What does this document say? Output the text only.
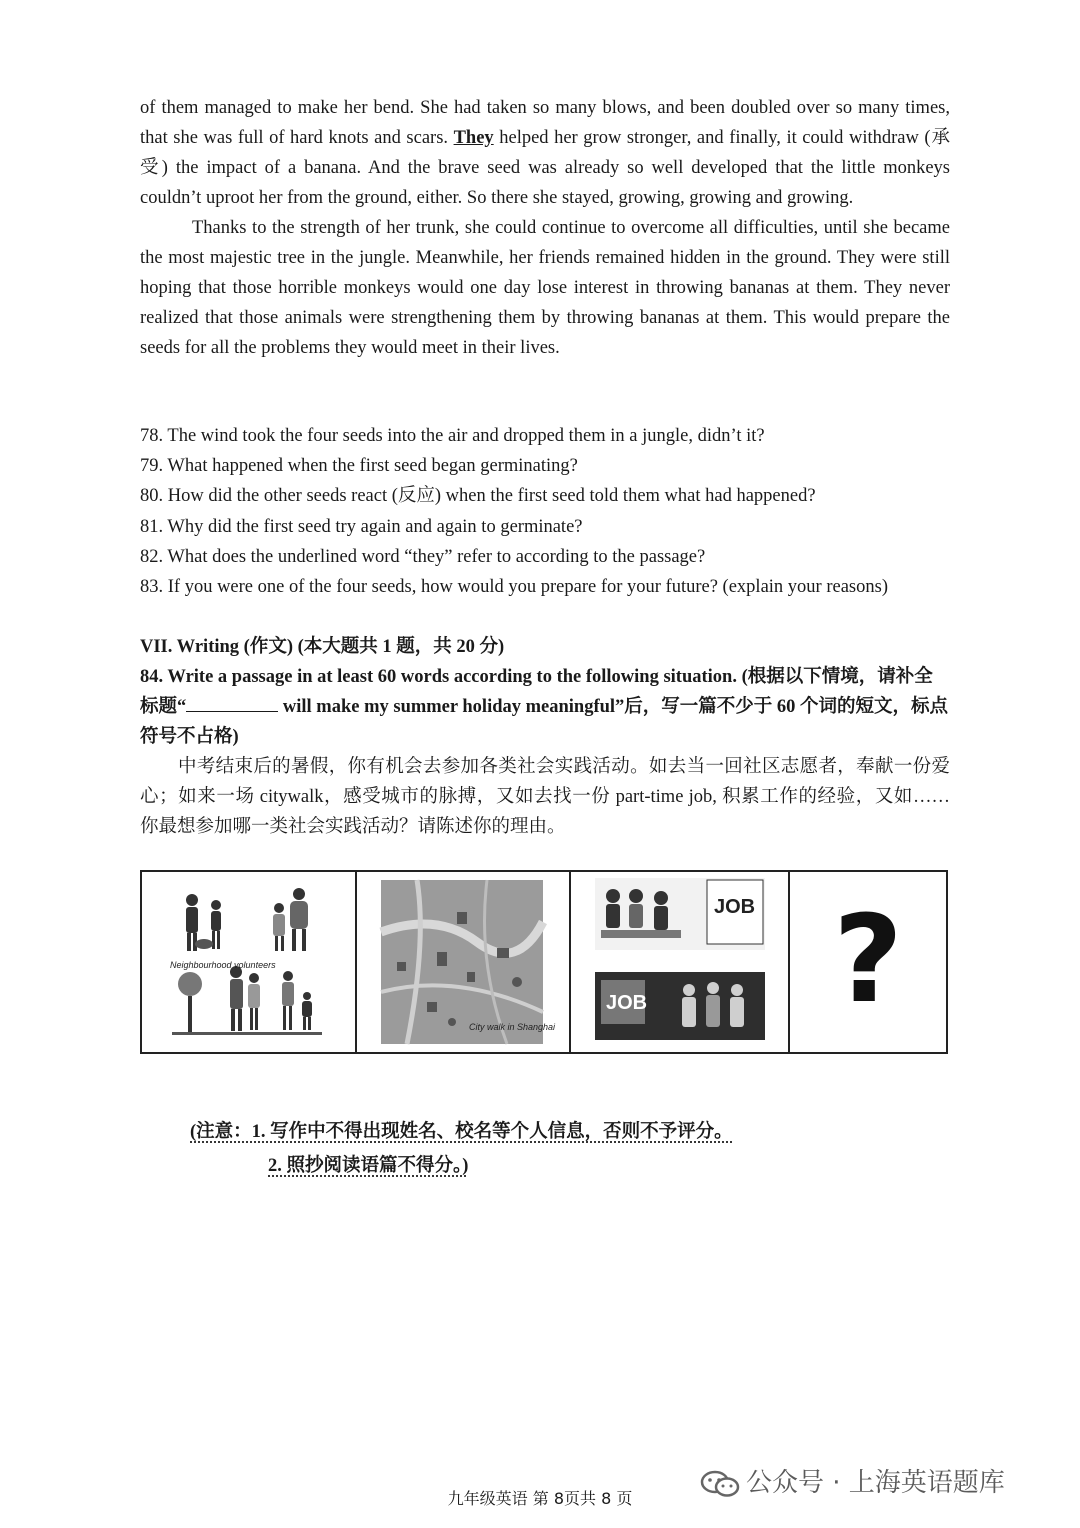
of them managed to make her bend. She had taken so many blows, and been doubled over so many times, that she was full of hard knots and scars. They helped her grow stronger, and finally, it could withdraw (承受) the impact of a banana. And the brave seed was already so well developed that the little monkeys couldn’t uproot her from the ground, either. So there she stayed, growing, growing and growing.

Thanks to the strength of her trunk, she could continue to overcome all difficulties, until she became the most majestic tree in the jungle. Meanwhile, her friends remained hidden in the ground. They were still hoping that those horrible monkeys would one day lose interest in throwing bananas at them. They never realized that those animals were strengthening them by throwing bananas at them. This would prepare the seeds for all the problems they would meet in their lives.

78. The wind took the four seeds into the air and dropped them in a jungle, didn’t it?
79. What happened when the first seed began germinating?
80. How did the other seeds react (反应) when the first seed told them what had happened?
81. Why did the first seed try again and again to germinate?
82. What does the underlined word “they” refer to according to the passage?
83. If you were one of the four seeds, how would you prepare for your future? (explain your reasons)
VII. Writing (作文) (本大题共 1 题，共 20 分)
84. Write a passage in at least 60 words according to the following situation. (根据以下情境，请补全标题“	will make my summer holiday meaningful”后，写一篇不少于 60 个词的短文，标点符号不占格)

中考结束后的暑假，你有机会去参加各类社会实践活动。如去当一回社区志愿者，奉献一份爱心；如来一场 citywalk，感受城市的脉搏，又如去找一份 part-time job, 积累工作的经验，又如…… 你最想参加哪一类社会实践活动？请陈述你的理由。

Neighbourhood volunteers
City walk in Shanghai
JOB
JOB	?
(注意：1. 写作中不得出现姓名、校名等个人信息，否则不予评分。
2. 照抄阅读语篇不得分。)
公众号 · 上海英语题库
九年级英语 第 8页共 8 页
